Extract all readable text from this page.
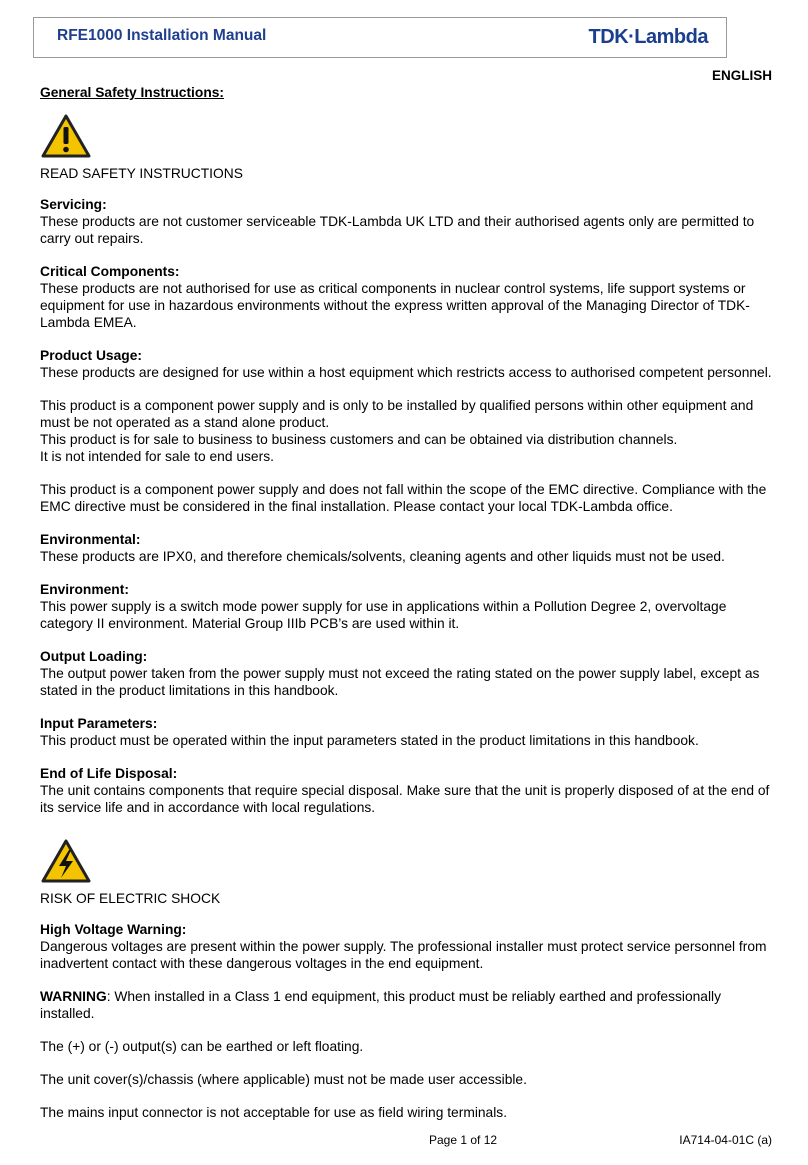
RFE1000 Installation Manual	TDK·Lambda
ENGLISH
General Safety Instructions:
READ SAFETY INSTRUCTIONS
Servicing:
These products are not customer serviceable TDK-Lambda UK LTD and their authorised agents only are permitted to carry out repairs.
Critical Components:
These products are not authorised for use as critical components in nuclear control systems, life support systems or equipment for use in hazardous environments without the express written approval of the Managing Director of TDK-Lambda EMEA.
Product Usage:
These products are designed for use within a host equipment which restricts access to authorised competent personnel.

This product is a component power supply and is only to be installed by qualified persons within other equipment and must be not operated as a stand alone product.

This product is for sale to business to business customers and can be obtained via distribution channels.

It is not intended for sale to end users.

This product is a component power supply and does not fall within the scope of the EMC directive. Compliance with the EMC directive must be considered in the final installation. Please contact your local TDK-Lambda office.
Environmental:
These products are IPX0, and therefore chemicals/solvents, cleaning agents and other liquids must not be used.
Environment:
This power supply is a switch mode power supply for use in applications within a Pollution Degree 2, overvoltage category II environment. Material Group IIIb PCB’s are used within it.
Output Loading:
The output power taken from the power supply must not exceed the rating stated on the power supply label, except as stated in the product limitations in this handbook.
Input Parameters:
This product must be operated within the input parameters stated in the product limitations in this handbook.
End of Life Disposal:
The unit contains components that require special disposal. Make sure that the unit is properly disposed of at the end of its service life and in accordance with local regulations.
RISK OF ELECTRIC SHOCK
High Voltage Warning:
Dangerous voltages are present within the power supply. The professional installer must protect service personnel from inadvertent contact with these dangerous voltages in the end equipment.
WARNING: When installed in a Class 1 end equipment, this product must be reliably earthed and professionally installed.
The (+) or (-) output(s) can be earthed or left floating.
The unit cover(s)/chassis (where applicable) must not be made user accessible.
The mains input connector is not acceptable for use as field wiring terminals.
Page 1 of 12	IA714-04-01C (a)
